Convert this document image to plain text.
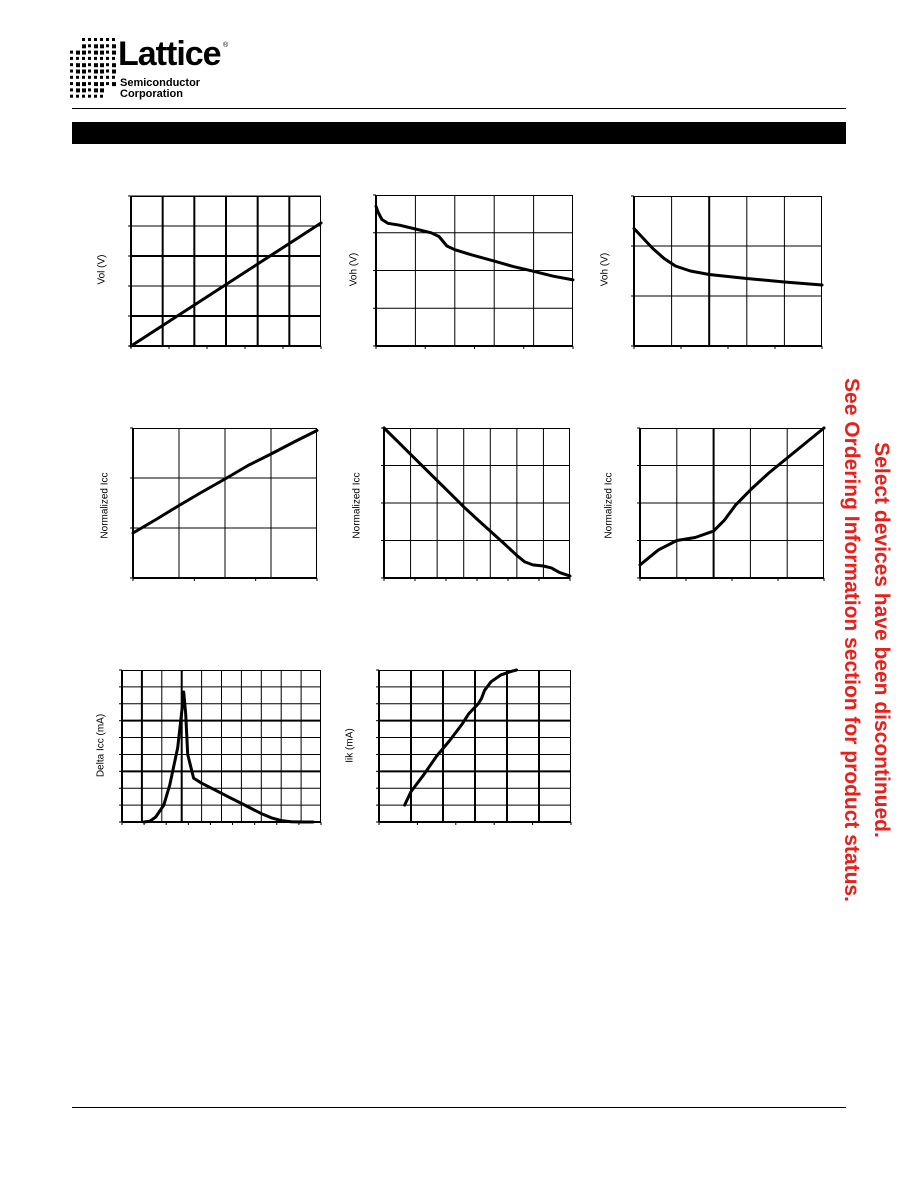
Lattice ®
Semiconductor
Corporation
Vol (V)	Voh (V)	Voh (V)
Normalized Icc	Normalized Icc	Normalized Icc
Delta Icc (mA)	Iik (mA)	Select devices have been discontinued.
See Ordering Information section for product status.
